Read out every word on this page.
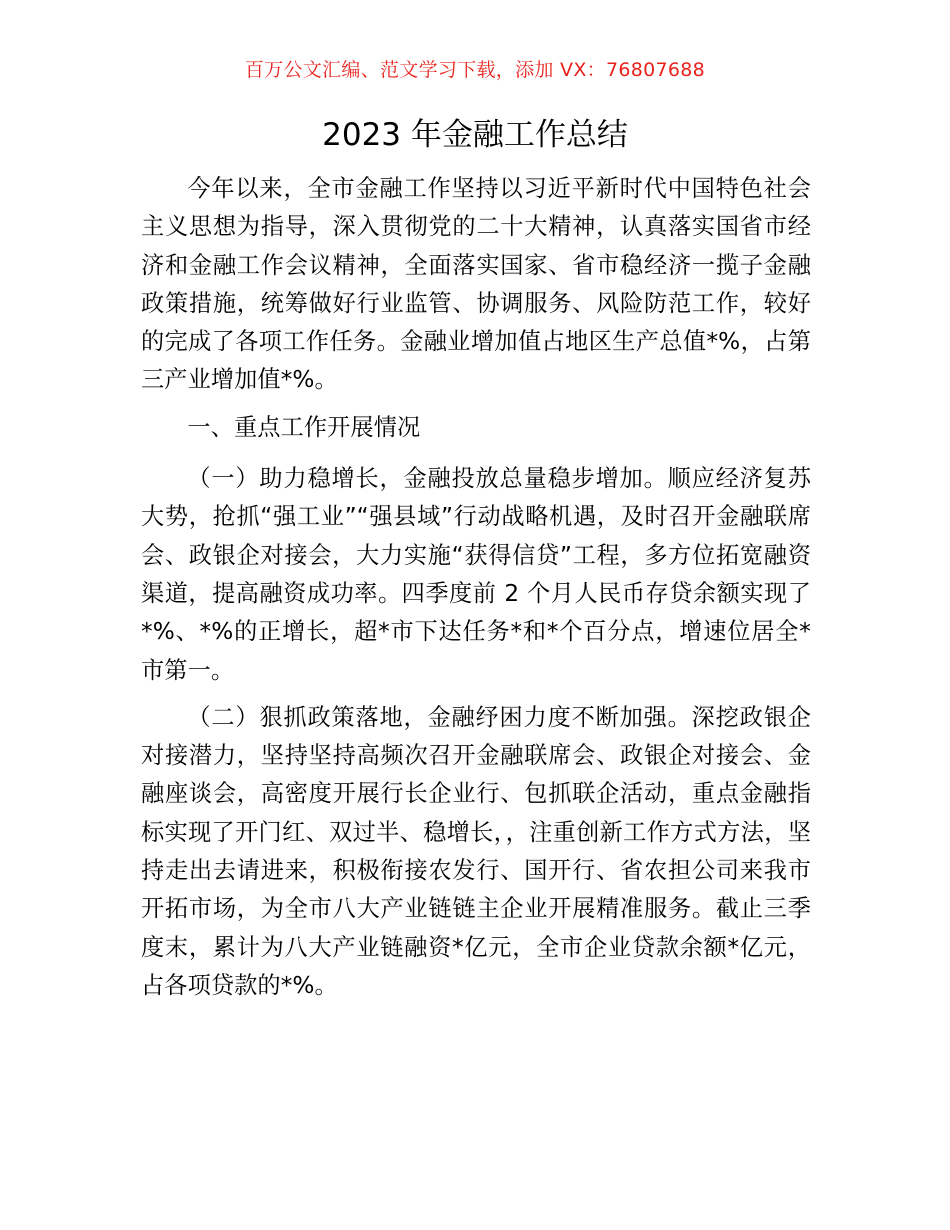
百万公文汇编、范文学习下载，添加 VX：76807688
2023 年金融工作总结

今年以来，全市金融工作坚持以习近平新时代中国特色社会主义思想为指导，深入贯彻党的二十大精神，认真落实国省市经济和金融工作会议精神，全面落实国家、省市稳经济一揽子金融政策措施，统筹做好行业监管、协调服务、风险防范工作，较好的完成了各项工作任务。金融业增加值占地区生产总值*%，占第三产业增加值*%。

一、重点工作开展情况

（一）助力稳增长，金融投放总量稳步增加。顺应经济复苏大势，抢抓“强工业”“强县域”行动战略机遇，及时召开金融联席会、政银企对接会，大力实施“获得信贷”工程，多方位拓宽融资渠道，提高融资成功率。四季度前 2 个月人民币存贷余额实现了*%、*%的正增长，超*市下达任务*和*个百分点，增速位居全*市第一。

（二）狠抓政策落地，金融纾困力度不断加强。深挖政银企对接潜力，坚持坚持高频次召开金融联席会、政银企对接会、金融座谈会，高密度开展行长企业行、包抓联企活动，重点金融指标实现了开门红、双过半、稳增长，，注重创新工作方式方法，坚持走出去请进来，积极衔接农发行、国开行、省农担公司来我市开拓市场，为全市八大产业链链主企业开展精准服务。截止三季度末，累计为八大产业链融资*亿元，全市企业贷款余额*亿元，占各项贷款的*%。
